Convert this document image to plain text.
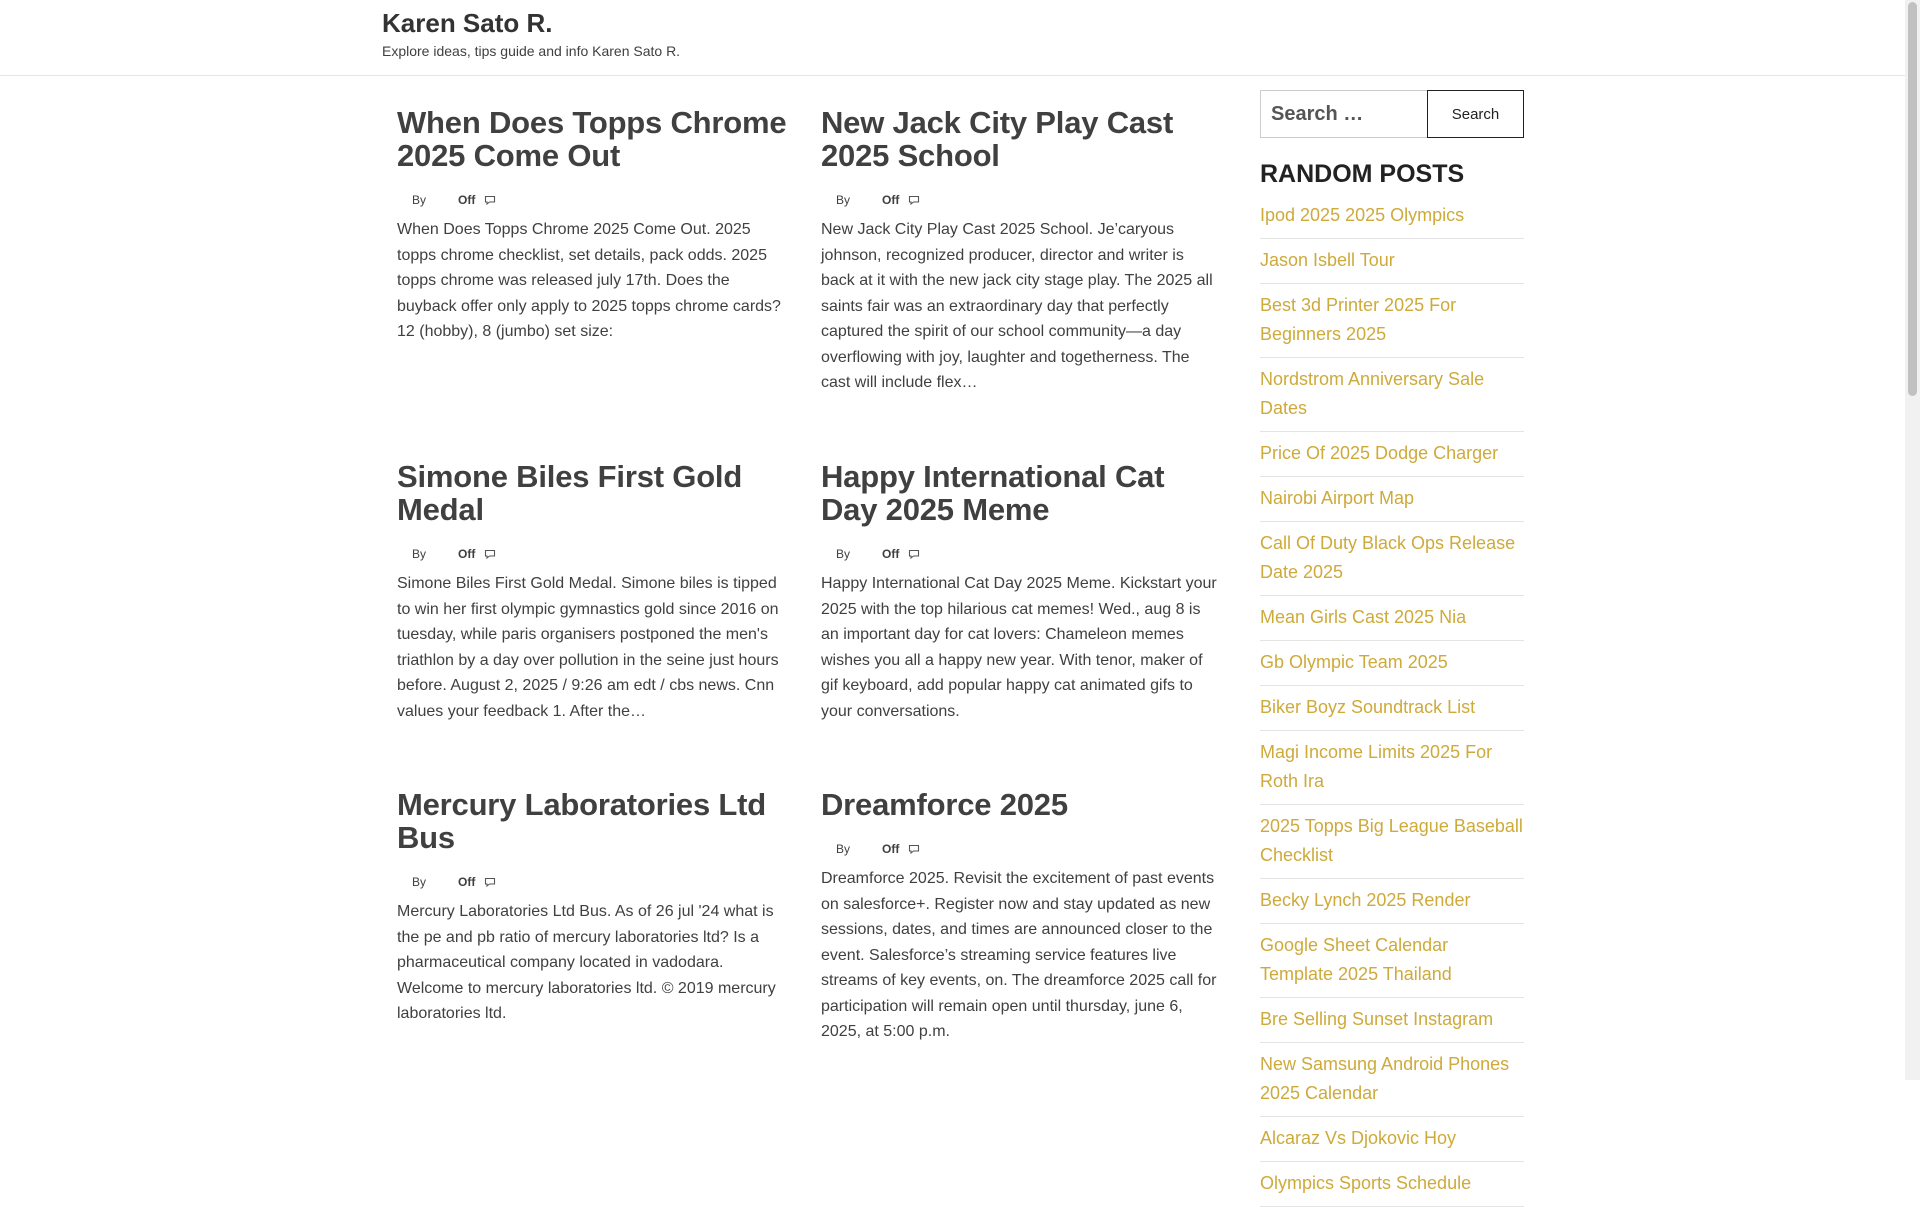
Karen Sato R.
Explore ideas, tips guide and info Karen Sato R.
When Does Topps Chrome 2025 Come Out
By	Off

When Does Topps Chrome 2025 Come Out. 2025 topps chrome checklist, set details, pack odds. 2025 topps chrome was released july 17th. Does the buyback offer only apply to 2025 topps chrome cards? 12 (hobby), 8 (jumbo) set size:

New Jack City Play Cast 2025 School
By	Off

New Jack City Play Cast 2025 School. Je’caryous johnson, recognized producer, director and writer is back at it with the new jack city stage play. The 2025 all saints fair was an extraordinary day that perfectly captured the spirit of our school community—a day overflowing with joy, laughter and togetherness. The cast will include flex…

Simone Biles First Gold Medal
By	Off

Simone Biles First Gold Medal. Simone biles is tipped to win her first olympic gymnastics gold since 2016 on tuesday, while paris organisers postponed the men's triathlon by a day over pollution in the seine just hours before. August 2, 2025 / 9:26 am edt / cbs news. Cnn values your feedback 1. After the…

Happy International Cat Day 2025 Meme
By	Off

Happy International Cat Day 2025 Meme. Kickstart your 2025 with the top hilarious cat memes! Wed., aug 8 is an important day for cat lovers: Chameleon memes wishes you all a happy new year. With tenor, maker of gif keyboard, add popular happy cat animated gifs to your conversations.

Mercury Laboratories Ltd Bus
By	Off

Mercury Laboratories Ltd Bus. As of 26 jul '24 what is the pe and pb ratio of mercury laboratories ltd? Is a pharmaceutical company located in vadodara. Welcome to mercury laboratories ltd. © 2019 mercury laboratories ltd.

Dreamforce 2025
By	Off

Dreamforce 2025. Revisit the excitement of past events on salesforce+. Register now and stay updated as new sessions, dates, and times are announced closer to the event. Salesforce’s streaming service features live streams of key events, on. The dreamforce 2025 call for participation will remain open until thursday, june 6, 2025, at 5:00 p.m.

Search …
Search
RANDOM POSTS
Ipod 2025 2025 Olympics
Jason Isbell Tour
Best 3d Printer 2025 For Beginners 2025
Nordstrom Anniversary Sale Dates
Price Of 2025 Dodge Charger
Nairobi Airport Map
Call Of Duty Black Ops Release Date 2025
Mean Girls Cast 2025 Nia
Gb Olympic Team 2025
Biker Boyz Soundtrack List
Magi Income Limits 2025 For Roth Ira
2025 Topps Big League Baseball Checklist
Becky Lynch 2025 Render
Google Sheet Calendar Template 2025 Thailand
Bre Selling Sunset Instagram
New Samsung Android Phones 2025 Calendar
Alcaraz Vs Djokovic Hoy
Olympics Sports Schedule
